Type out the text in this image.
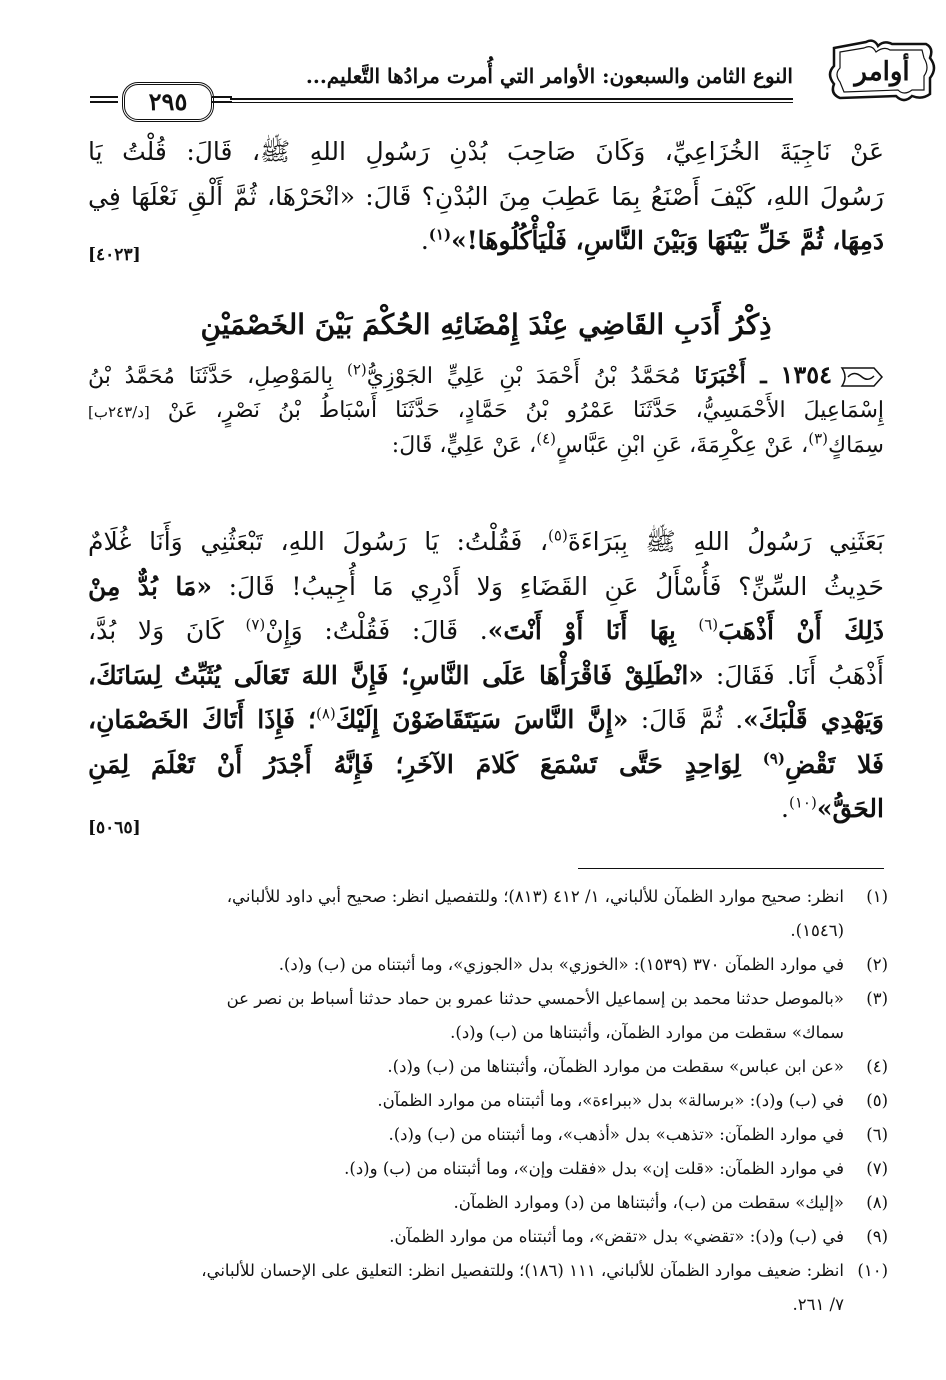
ﺃﻭﺍﻣﺮ
النوع الثامن والسبعون: الأوامر التي أُمرت مرادُها التَّعليم...
٢٩٥
عَنْ نَاجِيَةَ الخُزَاعِيِّ، وَكَانَ صَاحِبَ بُدْنِ رَسُولِ اللهِ ﷺ، قَالَ: قُلْتُ يَا
رَسُولَ اللهِ، كَيْفَ أَصْنَعُ بِمَا عَطِبَ مِنَ البُدْنِ؟ قَالَ: «انْحَرْهَا، ثُمَّ أَلْقِ نَعْلَهَا فِي
دَمِهَا، ثُمَّ خَلِّ بَيْنَهَا وَبَيْنَ النَّاسِ، فَلْيَأْكُلُوهَا!»$^{(١)}$.
[٤٠٢٣]
ذِكْرُ أَدَبِ القَاضِي عِنْدَ إِمْضَائِهِ الحُكْمَ بَيْنَ الخَصْمَيْنِ
١٣٥٤ ـ أَخْبَرَنَا مُحَمَّدُ بْنُ أَحْمَدَ بْنِ عَلِيٍّ الجَوْزِيُّ$^{(٢)}$ بِالمَوْصِلِ، حَدَّثَنَا مُحَمَّدُ بْنُ
إِسْمَاعِيلَ الأَحْمَسِيُّ، حَدَّثَنَا عَمْرُو بْنُ حَمَّادٍ، حَدَّثَنَا أَسْبَاطُ بْنُ نَصْرٍ، عَنْ [د/٢٤٣ب]
سِمَاكٍ$^{(٣)}$، عَنْ عِكْرِمَةَ، عَنِ ابْنِ عَبَّاسٍ$^{(٤)}$، عَنْ عَلِيٍّ، قَالَ:
بَعَثَنِي رَسُولُ اللهِ ﷺ بِبَرَاءَةَ$^{(٥)}$، فَقُلْتُ: يَا رَسُولَ اللهِ، تَبْعَثُنِي وَأَنَا غُلَامٌ
حَدِيثُ السِّنِّ؟ فَأُسْأَلُ عَنِ القَضَاءِ وَلا أَدْرِي مَا أُجِيبُ! قَالَ: «مَا بُدٌّ مِنْ
ذَلِكَ أَنْ أَذْهَبَ$^{(٦)}$ بِهَا أَنَا أَوْ أَنْتَ». قَالَ: فَقُلْتُ: وَإِنْ$^{(٧)}$ كَانَ وَلا بُدَّ،
أَذْهَبُ أَنَا. فَقَالَ: «انْطَلِقْ فَاقْرَأْهَا عَلَى النَّاسِ؛ فَإِنَّ اللهَ تَعَالَى يُثَبِّتُ لِسَانَكَ،
وَيَهْدِي قَلْبَكَ». ثُمَّ قَالَ: «إِنَّ النَّاسَ سَيَتَقَاضَوْنَ إِلَيْكَ$^{(٨)}$؛ فَإِذَا أَتَاكَ الخَصْمَانِ،
فَلا تَقْضِ$^{(٩)}$ لِوَاحِدٍ حَتَّى تَسْمَعَ كَلامَ الآخَرِ؛ فَإِنَّهُ أَجْدَرُ أَنْ تَعْلَمَ لِمَنِ
الحَقُّ»$^{(١٠)}$.
[٥٠٦٥]
(١)
انظر: صحيح موارد الظمآن للألباني، ١/ ٤١٢ (٨١٣)؛ وللتفصيل انظر: صحيح أبي داود للألباني،
(١٥٤٦).
(٢)
في موارد الظمآن ٣٧٠ (١٥٣٩): «الخوزي» بدل «الجوزي»، وما أثبتناه من (ب) و(د).
(٣)
«بالموصل حدثنا محمد بن إسماعيل الأحمسي حدثنا عمرو بن حماد حدثنا أسباط بن نصر عن
سماك» سقطت من موارد الظمآن، وأثبتناها من (ب) و(د).
(٤)
«عن ابن عباس» سقطت من موارد الظمآن، وأثبتناها من (ب) و(د).
(٥)
في (ب) و(د): «برسالة» بدل «ببراءة»، وما أثبتناه من موارد الظمآن.
(٦)
في موارد الظمآن: «تذهب» بدل «أذهب»، وما أثبتناه من (ب) و(د).
(٧)
في موارد الظمآن: «قلت إن» بدل «فقلت وإن»، وما أثبتناه من (ب) و(د).
(٨)
«إليك» سقطت من (ب)، وأثبتناها من (د) وموارد الظمآن.
(٩)
في (ب) و(د): «تقضي» بدل «تقض»، وما أثبتناه من موارد الظمآن.
(١٠)
انظر: ضعيف موارد الظمآن للألباني، ١١١ (١٨٦)؛ وللتفصيل انظر: التعليق على الإحسان للألباني،
٧/ ٢٦١.
